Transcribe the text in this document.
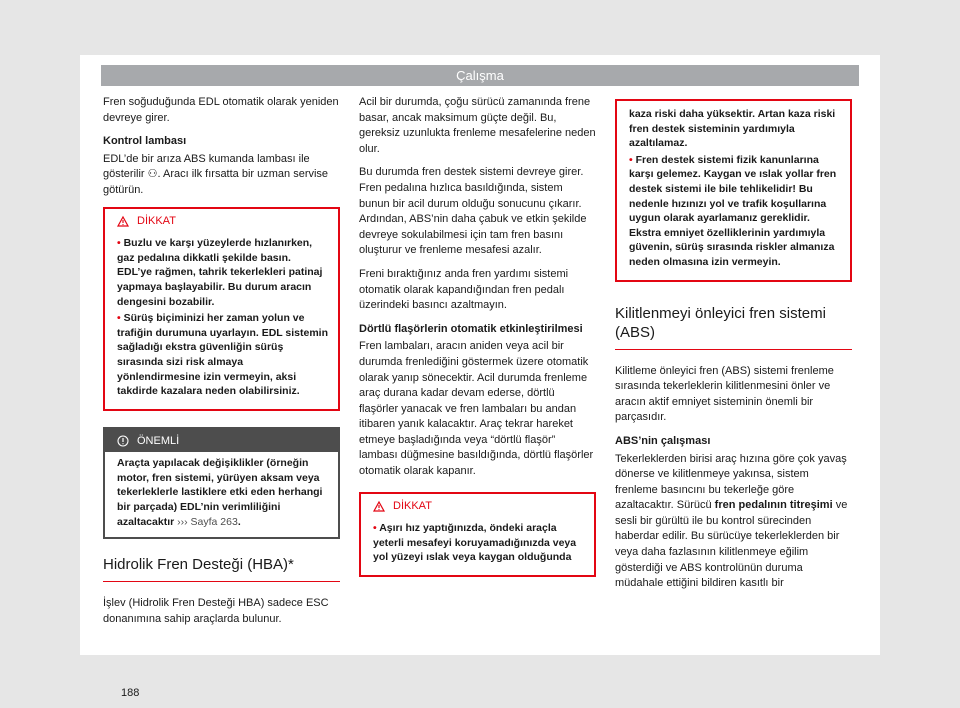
Çalışma

Fren soğuduğunda EDL otomatik olarak yeniden devreye girer.

Kontrol lambası

EDL’de bir arıza ABS kumanda lambası ile gösterilir ⚇. Aracı ilk fırsatta bir uzman servise götürün.

DİKKAT
• Buzlu ve karşı yüzeylerde hızlanırken, gaz pedalına dikkatli şekilde basın. EDL’ye rağmen, tahrik tekerlekleri patinaj yapmaya başlayabilir. Bu durum aracın dengesini bozabilir.
• Sürüş biçiminizi her zaman yolun ve trafiğin durumuna uyarlayın. EDL sistemin sağladığı ekstra güvenliğin sürüş sırasında sizi risk almaya yönlendirmesine izin vermeyin, aksi takdirde kazalara neden olabilirsiniz.
ÖNEMLİ
Araçta yapılacak değişiklikler (örneğin motor, fren sistemi, yürüyen aksam veya tekerleklerle lastiklere etki eden herhangi bir parçada) EDL’nin verimliliğini azaltacaktır ››› Sayfa 263.
Hidrolik Fren Desteği (HBA)*

İşlev (Hidrolik Fren Desteği HBA) sadece ESC donanımına sahip araçlarda bulunur.

Acil bir durumda, çoğu sürücü zamanında frene basar, ancak maksimum güçte değil. Bu, gereksiz uzunlukta frenleme mesafelerine neden olur.

Bu durumda fren destek sistemi devreye girer. Fren pedalına hızlıca basıldığında, sistem bunun bir acil durum olduğu sonucunu çıkarır. Ardından, ABS’nin daha çabuk ve etkin şekilde devreye sokulabilmesi için tam fren basını oluşturur ve frenleme mesafesi azalır.

Freni bıraktığınız anda fren yardımı sistemi otomatik olarak kapandığından fren pedalı üzerindeki basıncı azaltmayın.

Dörtlü flaşörlerin otomatik etkinleştirilmesi

Fren lambaları, aracın aniden veya acil bir durumda frenlediğini göstermek üzere otomatik olarak yanıp sönecektir. Acil durumda frenleme araç durana kadar devam ederse, dörtlü flaşörler yanacak ve fren lambaları bu andan itibaren yanık kalacaktır. Araç tekrar hareket etmeye başladığında veya “dörtlü flaşör” lambası düğmesine basıldığında, dörtlü flaşörler otomatik olarak kapanır.

DİKKAT
• Aşırı hız yaptığınızda, öndeki araçla yeterli mesafeyi koruyamadığınızda veya yol yüzeyi ıslak veya kaygan olduğunda
kaza riski daha yüksektir. Artan kaza riski fren destek sisteminin yardımıyla azaltılamaz.
• Fren destek sistemi fizik kanunlarına karşı gelemez. Kaygan ve ıslak yollar fren destek sistemi ile bile tehlikelidir! Bu nedenle hızınızı yol ve trafik koşullarına uygun olarak ayarlamanız gereklidir. Ekstra emniyet özelliklerinin yardımıyla güvenin, sürüş sırasında riskler almanıza neden olmasına izin vermeyin.
Kilitlenmeyi önleyici fren sistemi (ABS)

Kilitleme önleyici fren (ABS) sistemi frenleme sırasında tekerleklerin kilitlenmesini önler ve aracın aktif emniyet sisteminin önemli bir parçasıdır.

ABS’nin çalışması

Tekerleklerden birisi araç hızına göre çok yavaş dönerse ve kilitlenmeye yakınsa, sistem frenleme basıncını bu tekerleğe göre azaltacaktır. Sürücü fren pedalının titreşimi ve sesli bir gürültü ile bu kontrol sürecinden haberdar edilir. Bu sürücüye tekerleklerden bir veya daha fazlasının kilitlenmeye eğilim gösterdiği ve ABS kontrolünün duruma müdahale ettiğini bildiren kasıtlı bir

188
